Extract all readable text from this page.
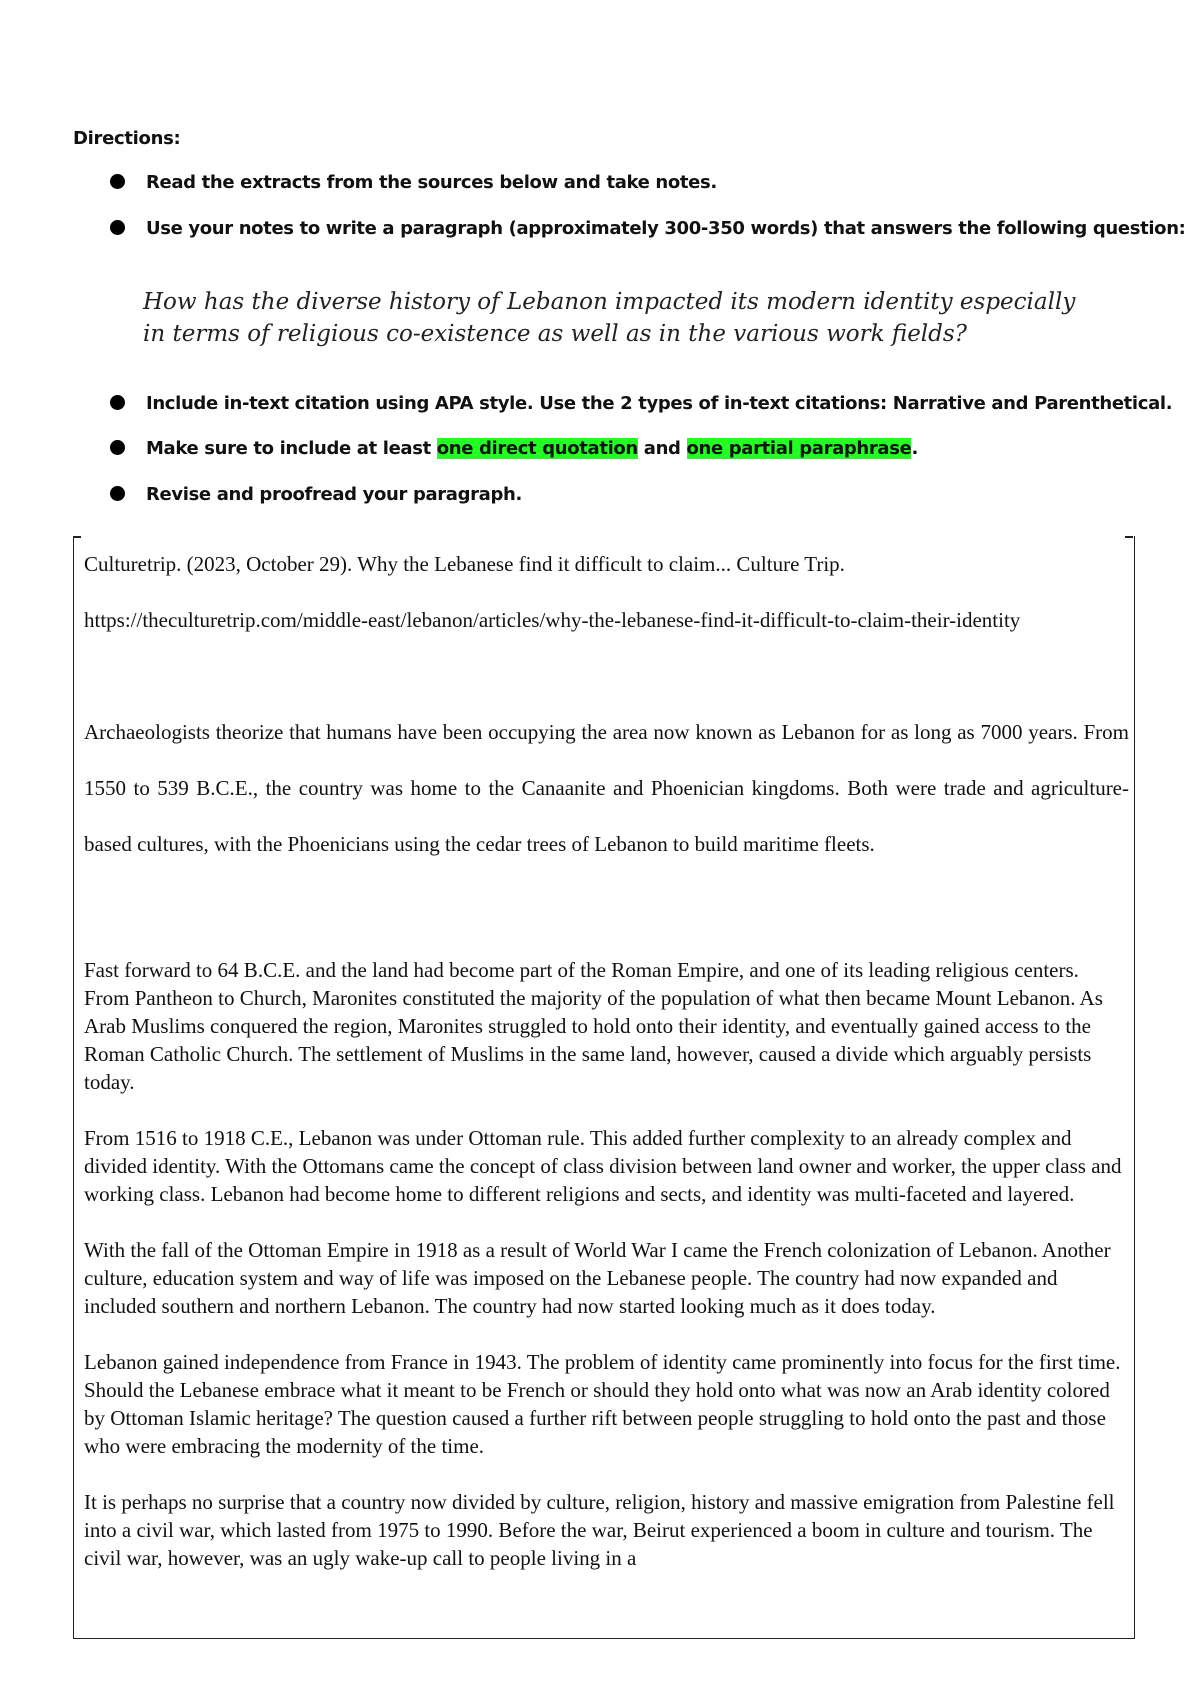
Directions:
Read the extracts from the sources below and take notes.
Use your notes to write a paragraph (approximately 300-350 words) that answers the following question:
How has the diverse history of Lebanon impacted its modern identity especially in terms of religious co-existence as well as in the various work fields?
Include in-text citation using APA style. Use the 2 types of in-text citations: Narrative and Parenthetical.
Make sure to include at least one direct quotation and one partial paraphrase.
Revise and proofread your paragraph.

Culturetrip. (2023, October 29). Why the Lebanese find it difficult to claim... Culture Trip.
https://theculturetrip.com/middle-east/lebanon/articles/why-the-lebanese-find-it-difficult-to-claim-their-identity

Archaeologists theorize that humans have been occupying the area now known as Lebanon for as long as 7000 years. From 1550 to 539 B.C.E., the country was home to the Canaanite and Phoenician kingdoms. Both were trade and agriculture-based cultures, with the Phoenicians using the cedar trees of Lebanon to build maritime fleets.

Fast forward to 64 B.C.E. and the land had become part of the Roman Empire, and one of its leading religious centers. From Pantheon to Church, Maronites constituted the majority of the population of what then became Mount Lebanon. As Arab Muslims conquered the region, Maronites struggled to hold onto their identity, and eventually gained access to the Roman Catholic Church. The settlement of Muslims in the same land, however, caused a divide which arguably persists today.

From 1516 to 1918 C.E., Lebanon was under Ottoman rule. This added further complexity to an already complex and divided identity. With the Ottomans came the concept of class division between land owner and worker, the upper class and working class. Lebanon had become home to different religions and sects, and identity was multi-faceted and layered.

With the fall of the Ottoman Empire in 1918 as a result of World War I came the French colonization of Lebanon. Another culture, education system and way of life was imposed on the Lebanese people. The country had now expanded and included southern and northern Lebanon. The country had now started looking much as it does today.

Lebanon gained independence from France in 1943. The problem of identity came prominently into focus for the first time. Should the Lebanese embrace what it meant to be French or should they hold onto what was now an Arab identity colored by Ottoman Islamic heritage? The question caused a further rift between people struggling to hold onto the past and those who were embracing the modernity of the time.

It is perhaps no surprise that a country now divided by culture, religion, history and massive emigration from Palestine fell into a civil war, which lasted from 1975 to 1990. Before the war, Beirut experienced a boom in culture and tourism. The civil war, however, was an ugly wake-up call to people living in a
